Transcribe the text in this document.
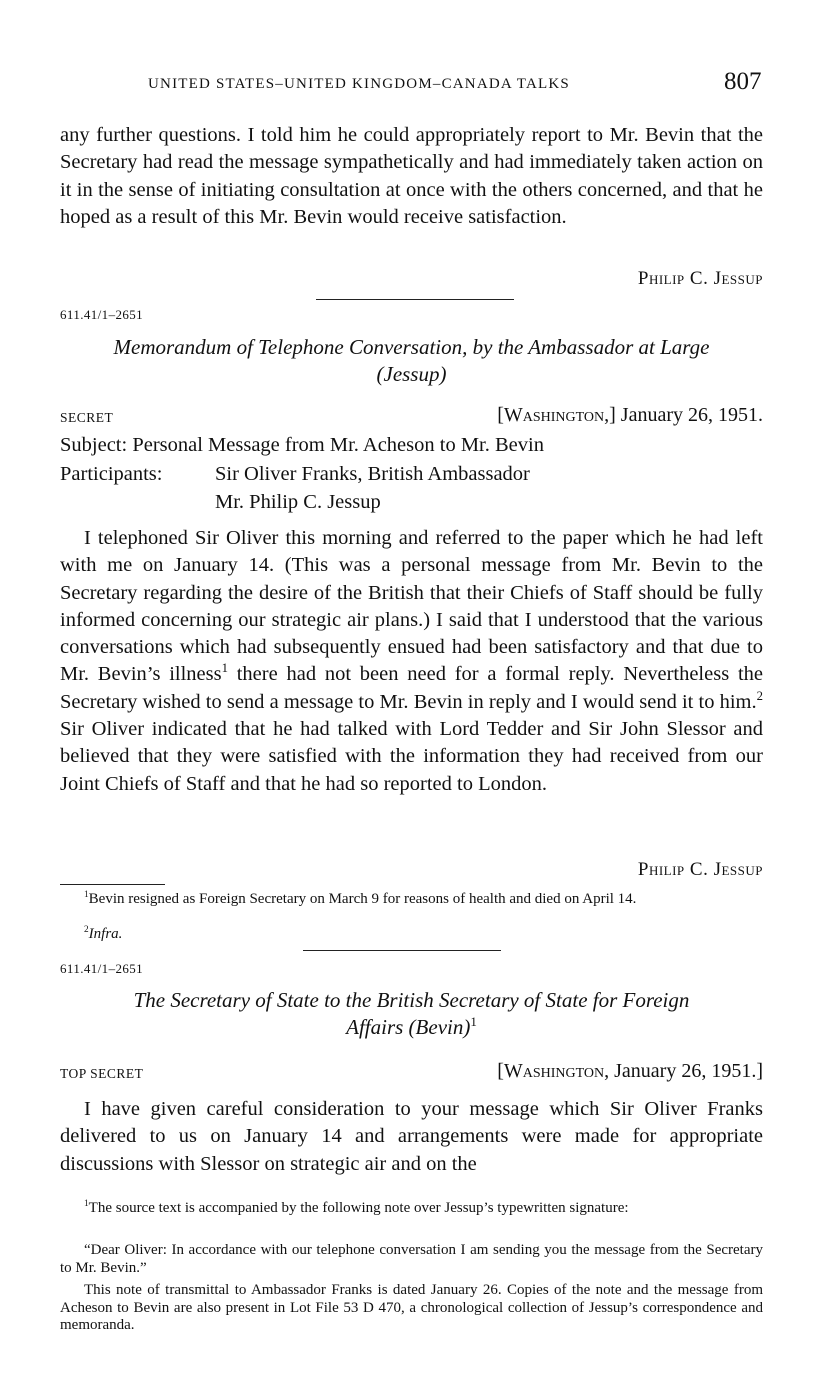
UNITED STATES–UNITED KINGDOM–CANADA TALKS	807
any further questions. I told him he could appropriately report to Mr. Bevin that the Secretary had read the message sympathetically and had immediately taken action on it in the sense of initiating consultation at once with the others concerned, and that he hoped as a result of this Mr. Bevin would receive satisfaction.
Philip C. Jessup
611.41/1–2651
Memorandum of Telephone Conversation, by the Ambassador at Large
(Jessup)
SECRET	[Washington,] January 26, 1951.
Subject: Personal Message from Mr. Acheson to Mr. Bevin
Participants:	Sir Oliver Franks, British Ambassador
Mr. Philip C. Jessup
I telephoned Sir Oliver this morning and referred to the paper which he had left with me on January 14. (This was a personal message from Mr. Bevin to the Secretary regarding the desire of the British that their Chiefs of Staff should be fully informed concerning our strategic air plans.) I said that I understood that the various conversations which had subsequently ensued had been satisfactory and that due to Mr. Bevin’s illness$^1$ there had not been need for a formal reply. Nevertheless the Secretary wished to send a message to Mr. Bevin in reply and I would send it to him.$^2$ Sir Oliver indicated that he had talked with Lord Tedder and Sir John Slessor and believed that they were satisfied with the information they had received from our Joint Chiefs of Staff and that he had so reported to London.
Philip C. Jessup
$^1$Bevin resigned as Foreign Secretary on March 9 for reasons of health and died on April 14.
$^2$Infra.
611.41/1–2651
The Secretary of State to the British Secretary of State for Foreign
Affairs (Bevin)$^1$
TOP SECRET	[Washington, January 26, 1951.]
I have given careful consideration to your message which Sir Oliver Franks delivered to us on January 14 and arrangements were made for appropriate discussions with Slessor on strategic air and on the
$^1$The source text is accompanied by the following note over Jessup’s typewritten signature:
“Dear Oliver: In accordance with our telephone conversation I am sending you the message from the Secretary to Mr. Bevin.”
This note of transmittal to Ambassador Franks is dated January 26. Copies of the note and the message from Acheson to Bevin are also present in Lot File 53 D 470, a chronological collection of Jessup’s correspondence and memoranda.
